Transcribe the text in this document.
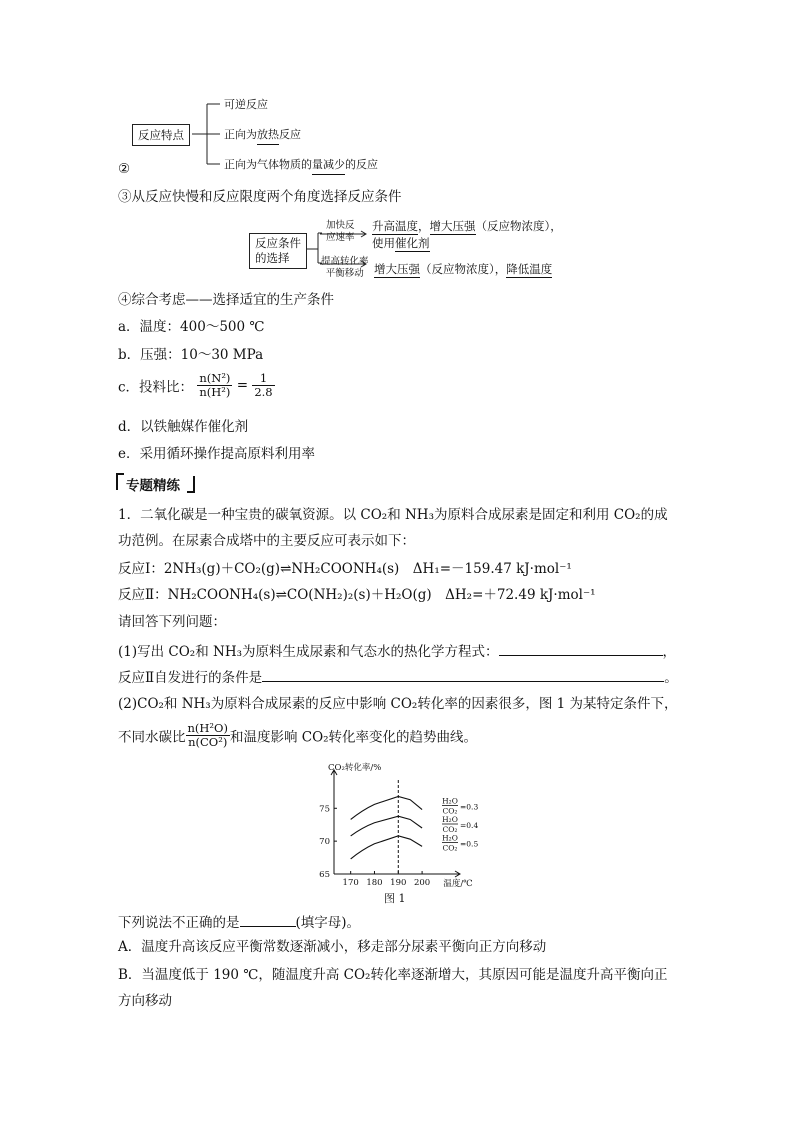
反应特点
可逆反应
正向为放热反应
正向为气体物质的量减少的反应
②
③从反应快慢和反应限度两个角度选择反应条件
反应条件
的选择
加快反
应速率
提高转化率
平衡移动
升高温度，增大压强（反应物浓度），
使用催化剂
增大压强（反应物浓度），降低温度
④综合考虑——选择适宜的生产条件
a．温度：400～500 ℃
b．压强：10～30 MPa
c．投料比： $\frac{\text{n(N²)}}{\text{n(H²)}} = \frac{1}{2.8}$
d．以铁触媒作催化剂
e．采用循环操作提高原料利用率
专题精练
1．二氧化碳是一种宝贵的碳氧资源。以 CO₂和 NH₃为原料合成尿素是固定和利用 CO₂的成
功范例。在尿素合成塔中的主要反应可表示如下：
反应Ⅰ：2NH₃(g)＋CO₂(g)⇌NH₂COONH₄(s)　ΔH₁=－159.47 kJ·mol⁻¹
反应Ⅱ：NH₂COONH₄(s)⇌CO(NH₂)₂(s)＋H₂O(g)　ΔH₂=＋72.49 kJ·mol⁻¹
请回答下列问题：
(1)写出 CO₂和 NH₃为原料生成尿素和气态水的热化学方程式：	，
反应Ⅱ自发进行的条件是	。
(2)CO₂和 NH₃为原料合成尿素的反应中影响 CO₂转化率的因素很多，图 1 为某特定条件下，
不同水碳比 $\frac{\text{n(H²O)}}{\text{n(CO²)}}$ 和温度影响 CO₂转化率变化的趋势曲线。
CO₂转化率/%
温度/℃
170 180 190 200
65
70
75
H₂O
CO₂ =0.3
H₂O
CO₂ =0.4
H₂O
CO₂ =0.5
图 1
下列说法不正确的是	(填字母)。
A．温度升高该反应平衡常数逐渐减小，移走部分尿素平衡向正方向移动
B．当温度低于 190 ℃，随温度升高 CO₂转化率逐渐增大，其原因可能是温度升高平衡向正
方向移动
